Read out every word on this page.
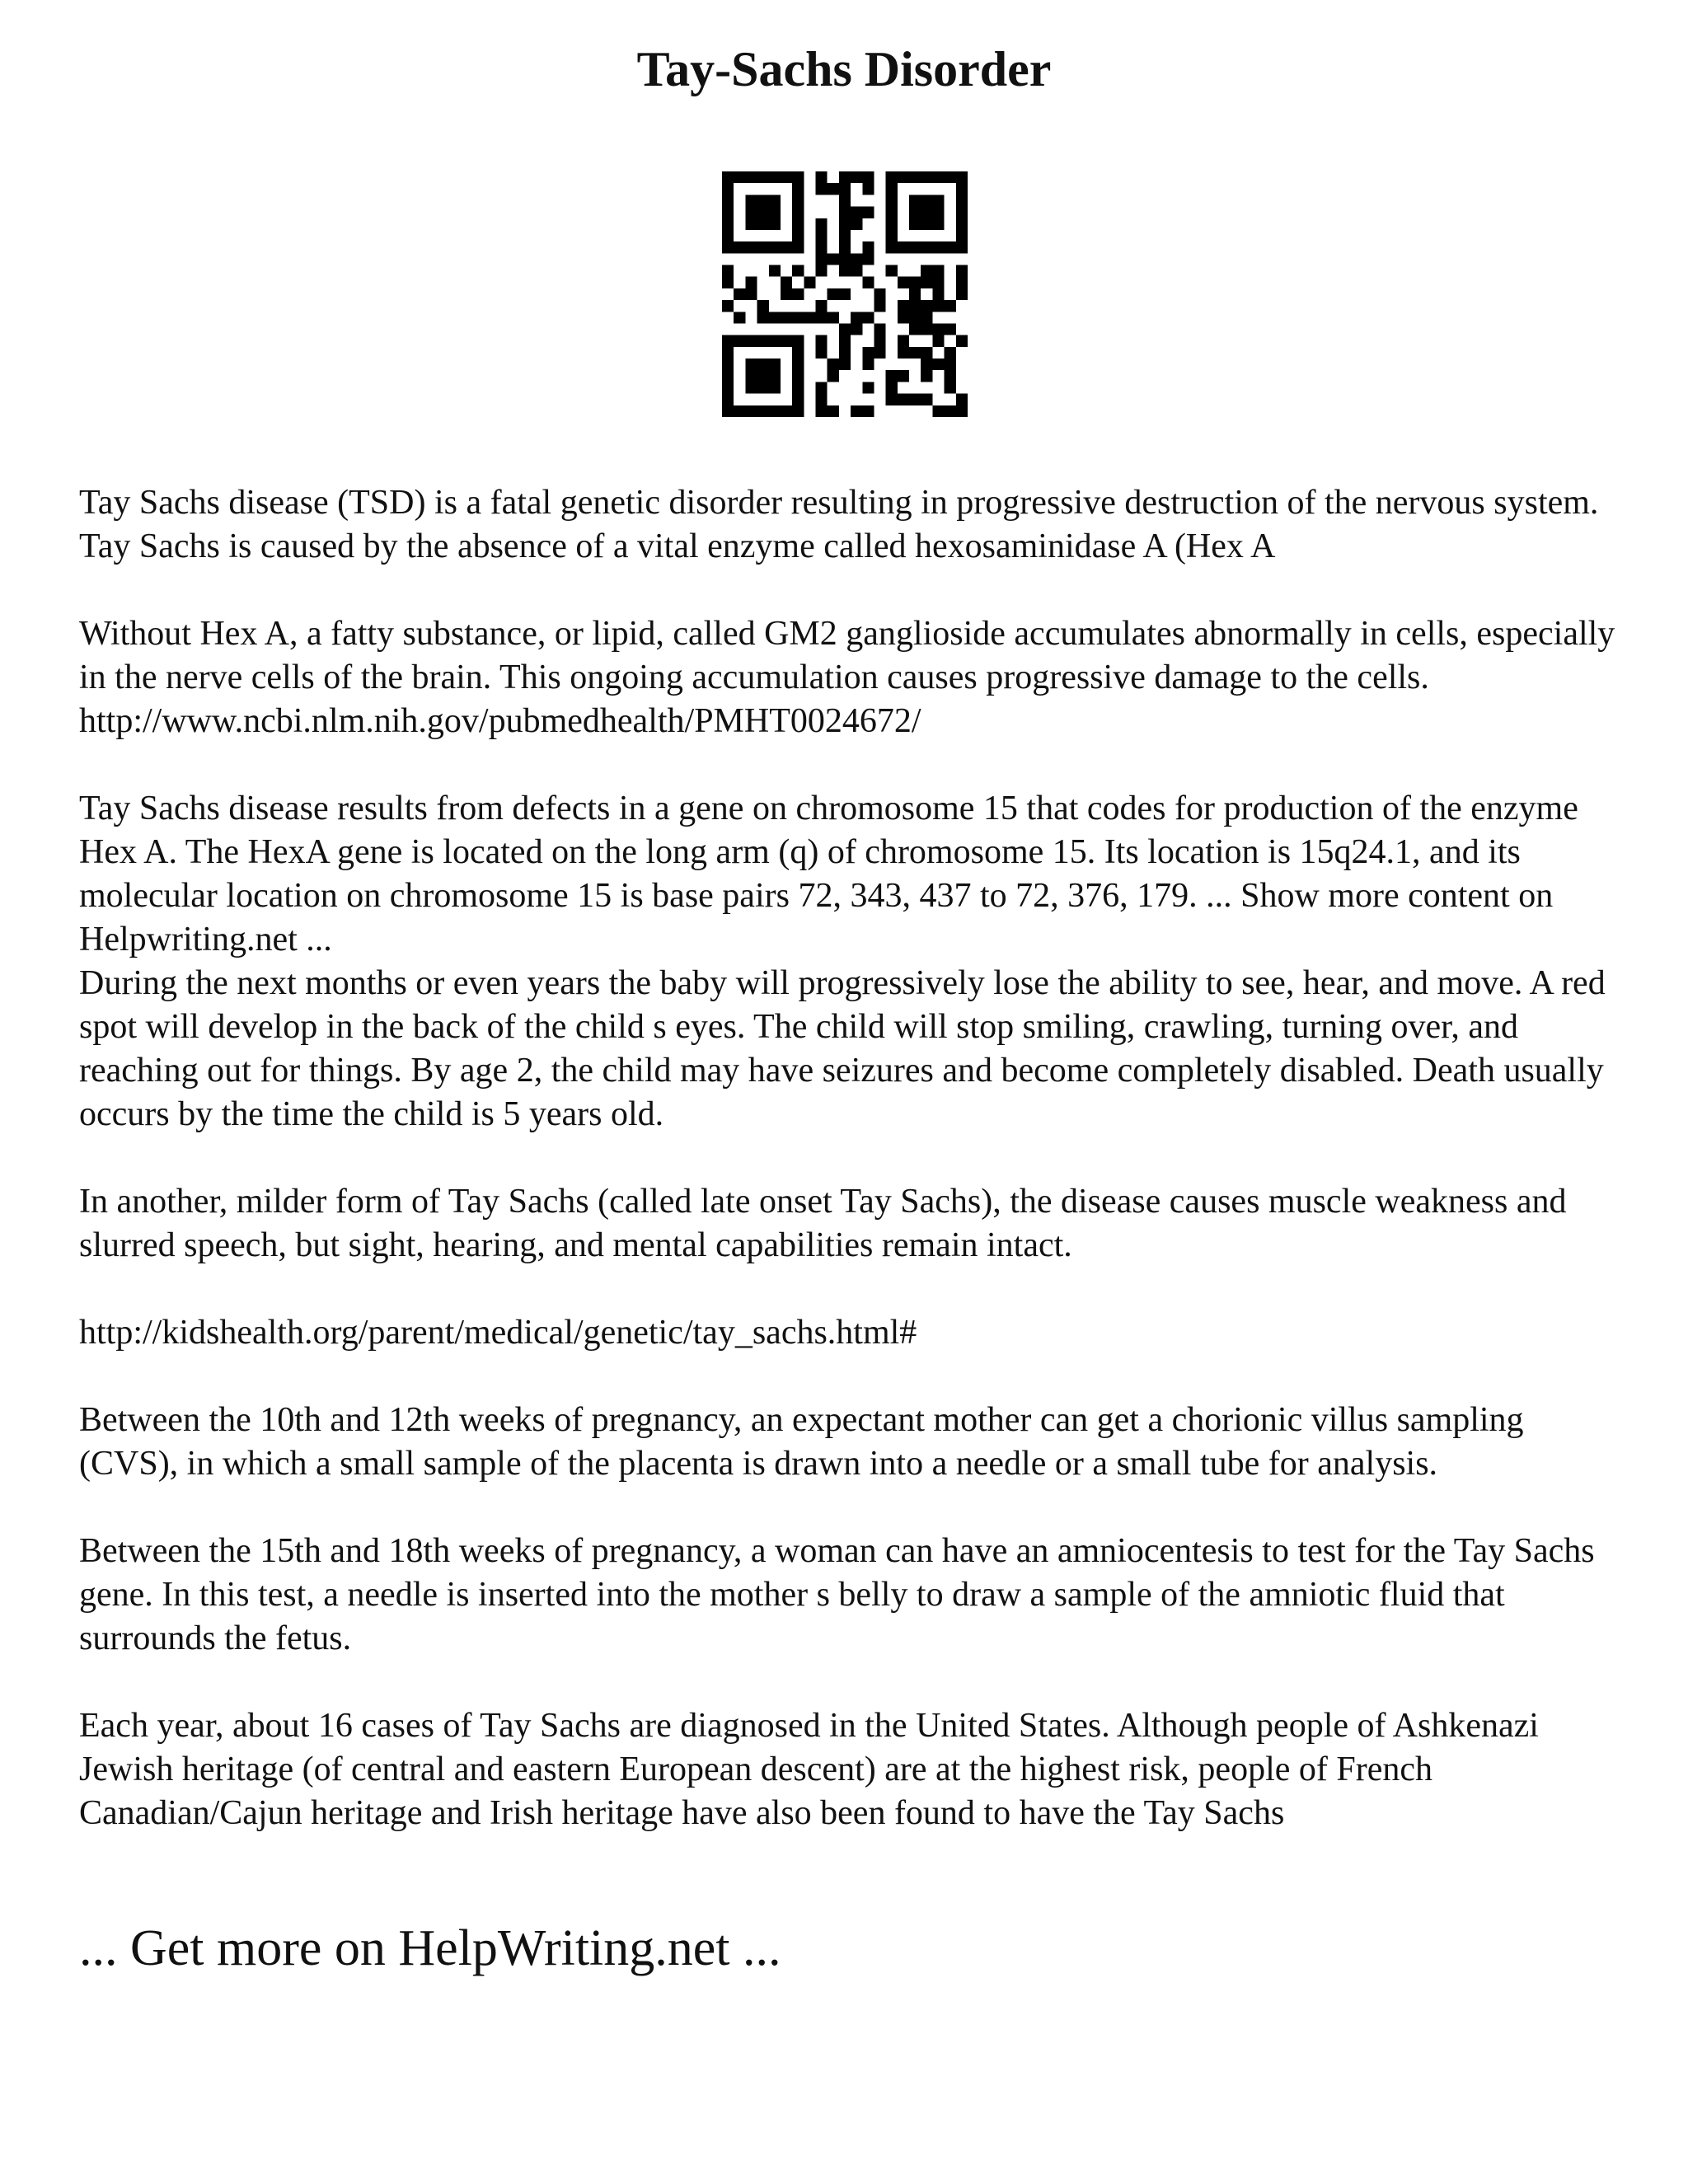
Tay-Sachs Disorder

Tay Sachs disease (TSD) is a fatal genetic disorder resulting in progressive destruction of the nervous system. Tay Sachs is caused by the absence of a vital enzyme called hexosaminidase A (Hex A

Without Hex A, a fatty substance, or lipid, called GM2 ganglioside accumulates abnormally in cells, especially in the nerve cells of the brain. This ongoing accumulation causes progressive damage to the cells. http://www.ncbi.nlm.nih.gov/pubmedhealth/PMHT0024672/

Tay Sachs disease results from defects in a gene on chromosome 15 that codes for production of the enzyme Hex A. The HexA gene is located on the long arm (q) of chromosome 15. Its location is 15q24.1, and its molecular location on chromosome 15 is base pairs 72, 343, 437 to 72, 376, 179. ... Show more content on Helpwriting.net ...

During the next months or even years the baby will progressively lose the ability to see, hear, and move. A red spot will develop in the back of the child s eyes. The child will stop smiling, crawling, turning over, and reaching out for things. By age 2, the child may have seizures and become completely disabled. Death usually occurs by the time the child is 5 years old.

In another, milder form of Tay Sachs (called late onset Tay Sachs), the disease causes muscle weakness and slurred speech, but sight, hearing, and mental capabilities remain intact.

http://kidshealth.org/parent/medical/genetic/tay_sachs.html#

Between the 10th and 12th weeks of pregnancy, an expectant mother can get a chorionic villus sampling (CVS), in which a small sample of the placenta is drawn into a needle or a small tube for analysis.

Between the 15th and 18th weeks of pregnancy, a woman can have an amniocentesis to test for the Tay Sachs gene. In this test, a needle is inserted into the mother s belly to draw a sample of the amniotic fluid that surrounds the fetus.

Each year, about 16 cases of Tay Sachs are diagnosed in the United States. Although people of Ashkenazi Jewish heritage (of central and eastern European descent) are at the highest risk, people of French Canadian/Cajun heritage and Irish heritage have also been found to have the Tay Sachs

... Get more on HelpWriting.net ...
